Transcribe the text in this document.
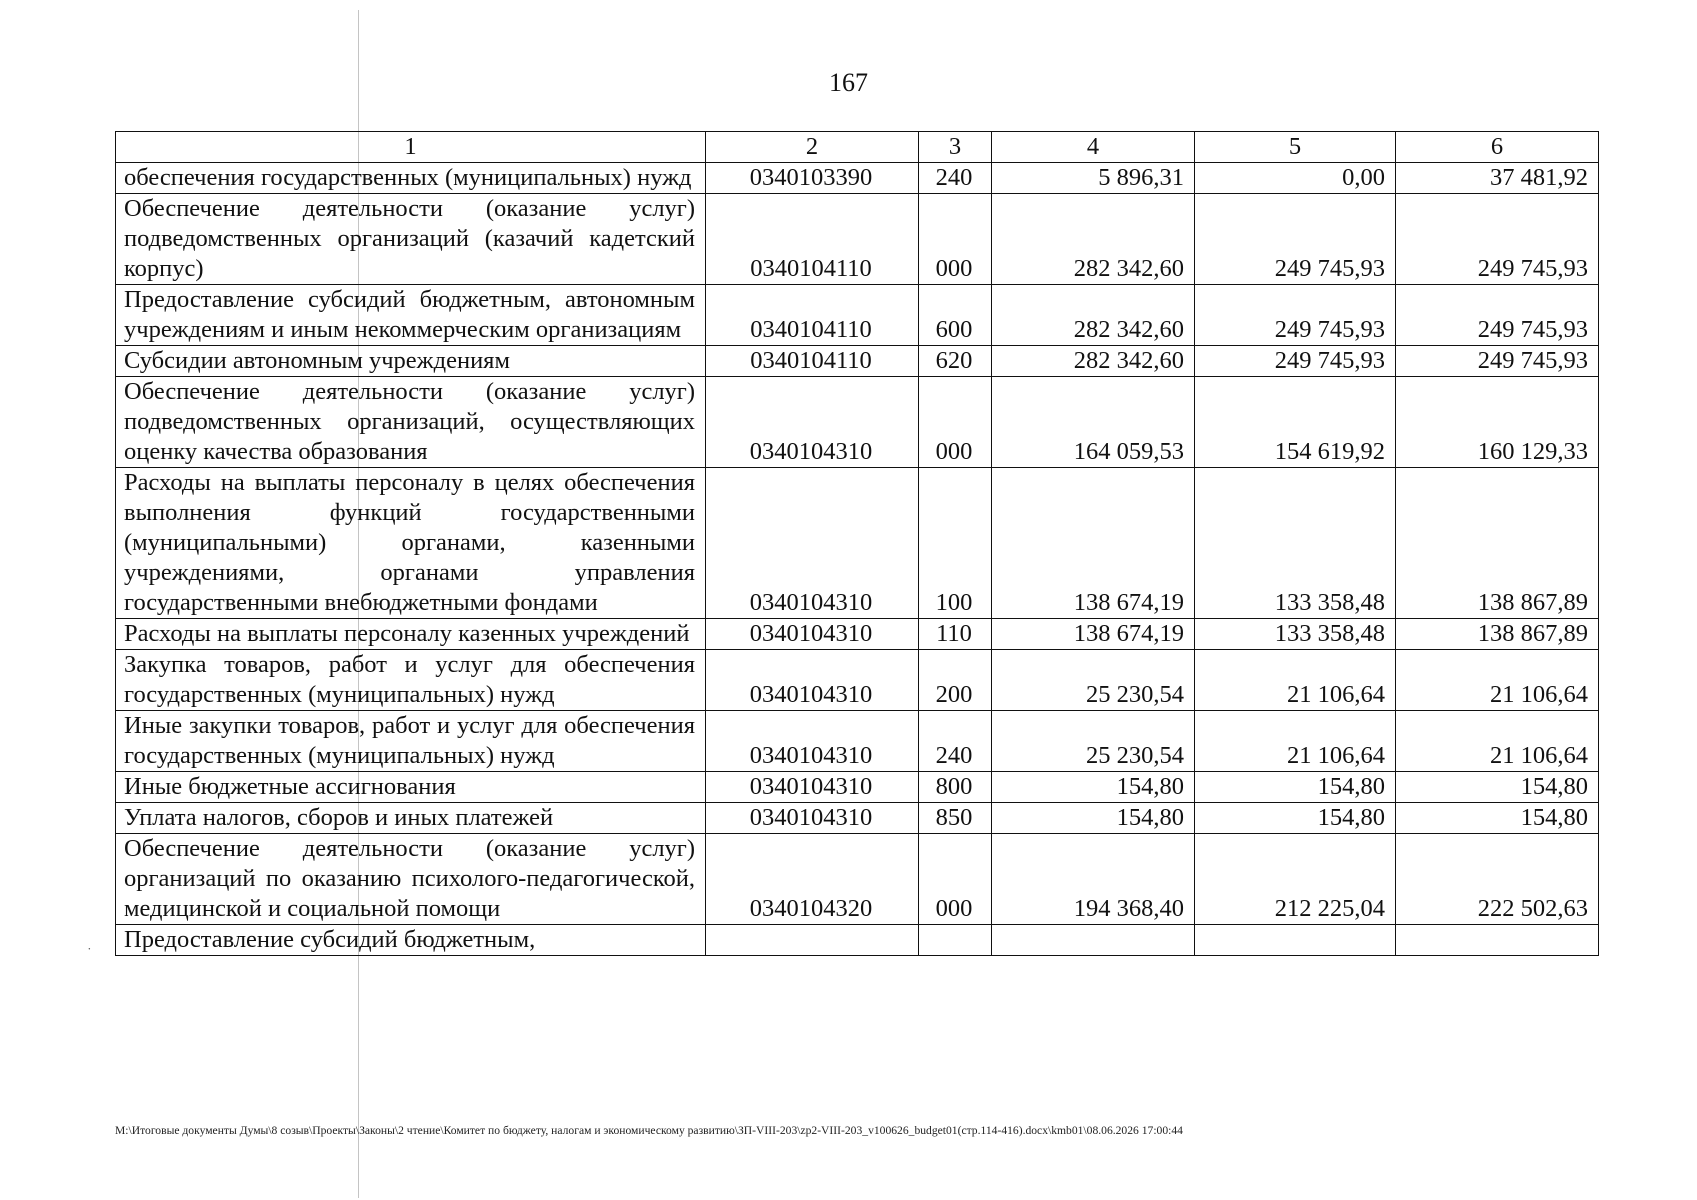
167
1	2	3	4	5	6
обеспечения государственных (муниципальных) нужд	0340103390	240	5 896,31	0,00	37 481,92
Обеспечение деятельности (оказание услуг) подведомственных организаций (казачий кадетский корпус)	0340104110	000	282 342,60	249 745,93	249 745,93
Предоставление субсидий бюджетным, автономным учреждениям и иным некоммерческим организациям	0340104110	600	282 342,60	249 745,93	249 745,93
Субсидии автономным учреждениям	0340104110	620	282 342,60	249 745,93	249 745,93
Обеспечение деятельности (оказание услуг) подведомственных организаций, осуществляющих оценку качества образования	0340104310	000	164 059,53	154 619,92	160 129,33
Расходы на выплаты персоналу в целях обеспечения выполнения функций государственными (муниципальными) органами, казенными учреждениями, органами управления государственными внебюджетными фондами	0340104310	100	138 674,19	133 358,48	138 867,89
Расходы на выплаты персоналу казенных учреждений	0340104310	110	138 674,19	133 358,48	138 867,89
Закупка товаров, работ и услуг для обеспечения государственных (муниципальных) нужд	0340104310	200	25 230,54	21 106,64	21 106,64
Иные закупки товаров, работ и услуг для обеспечения государственных (муниципальных) нужд	0340104310	240	25 230,54	21 106,64	21 106,64
Иные бюджетные ассигнования	0340104310	800	154,80	154,80	154,80
Уплата налогов, сборов и иных платежей	0340104310	850	154,80	154,80	154,80
Обеспечение деятельности (оказание услуг) организаций по оказанию психолого-педагогической, медицинской и социальной помощи	0340104320	000	194 368,40	212 225,04	222 502,63
Предоставление субсидий бюджетным,					
˙
М:\Итоговые документы Думы\8 созыв\Проекты\Законы\2 чтение\Комитет по бюджету, налогам и экономическому развитию\ЗП-VIII-203\zp2-VIII-203_v100626_budget01(стр.114-416).docx\kmb01\08.06.2026 17:00:44
